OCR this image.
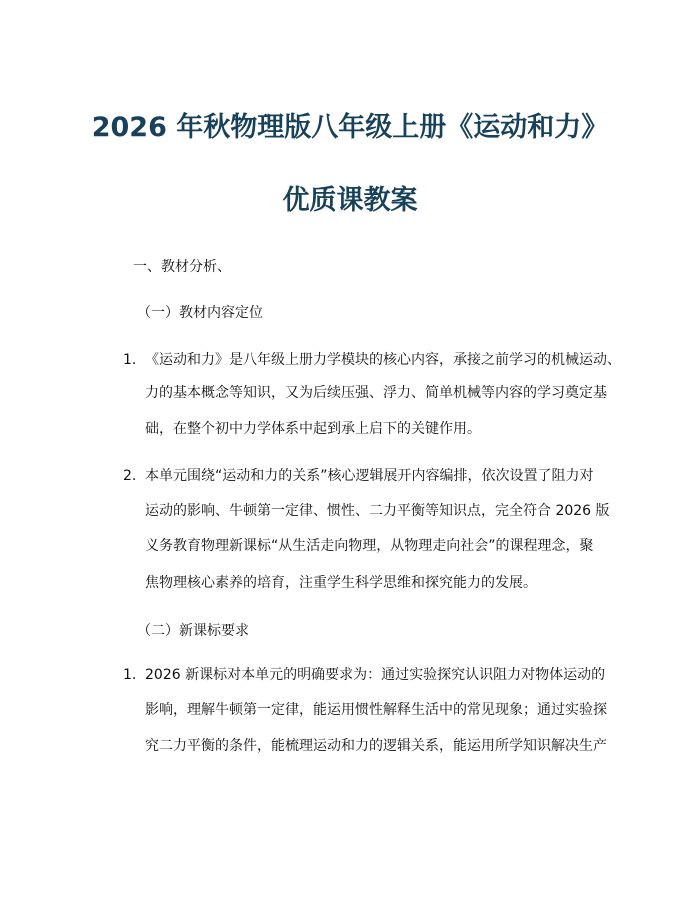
2026 年秋物理版八年级上册《运动和力》
优质课教案
一、教材分析、
（一）教材内容定位
1. 《运动和力》是八年级上册力学模块的核心内容，承接之前学习的机械运动、
力的基本概念等知识，又为后续压强、浮力、简单机械等内容的学习奠定基
础，在整个初中力学体系中起到承上启下的关键作用。
2. 本单元围绕“运动和力的关系”核心逻辑展开内容编排，依次设置了阻力对
运动的影响、牛顿第一定律、惯性、二力平衡等知识点，完全符合 2026 版
义务教育物理新课标“从生活走向物理，从物理走向社会”的课程理念，聚
焦物理核心素养的培育，注重学生科学思维和探究能力的发展。
（二）新课标要求
1. 2026 新课标对本单元的明确要求为：通过实验探究认识阻力对物体运动的
影响，理解牛顿第一定律，能运用惯性解释生活中的常见现象；通过实验探
究二力平衡的条件，能梳理运动和力的逻辑关系，能运用所学知识解决生产
